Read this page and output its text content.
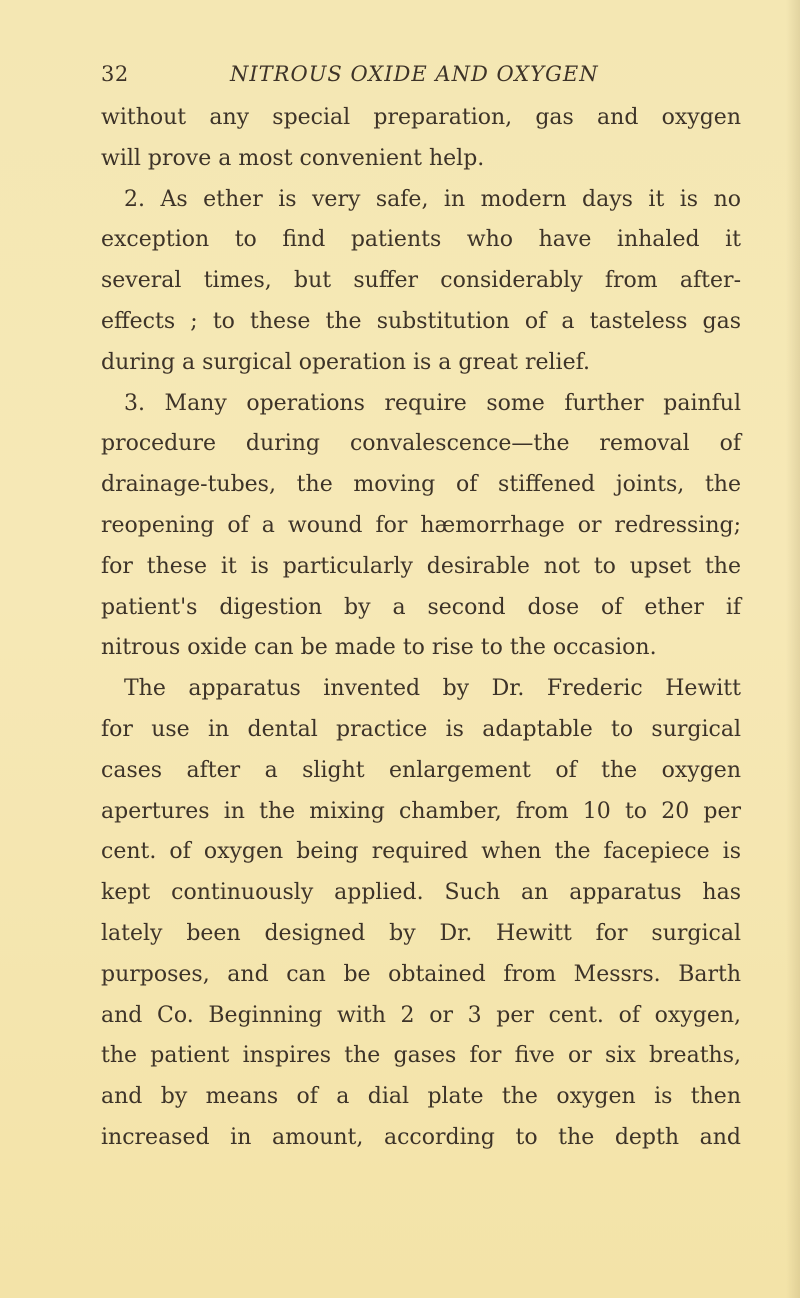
32	NITROUS OXIDE AND OXYGEN
without any special preparation, gas and oxygen
will prove a most convenient help.
2. As ether is very safe, in modern days it is no
exception to find patients who have inhaled it
several times, but suffer considerably from after-
effects ; to these the substitution of a tasteless gas
during a surgical operation is a great relief.
3. Many operations require some further painful
procedure during convalescence—the removal of
drainage-tubes, the moving of stiffened joints, the
reopening of a wound for hæmorrhage or redressing;
for these it is particularly desirable not to upset the
patient's digestion by a second dose of ether if
nitrous oxide can be made to rise to the occasion.
The apparatus invented by Dr. Frederic Hewitt
for use in dental practice is adaptable to surgical
cases after a slight enlargement of the oxygen
apertures in the mixing chamber, from 10 to 20 per
cent. of oxygen being required when the facepiece is
kept continuously applied. Such an apparatus has
lately been designed by Dr. Hewitt for surgical
purposes, and can be obtained from Messrs. Barth
and Co. Beginning with 2 or 3 per cent. of oxygen,
the patient inspires the gases for five or six breaths,
and by means of a dial plate the oxygen is then
increased in amount, according to the depth and
